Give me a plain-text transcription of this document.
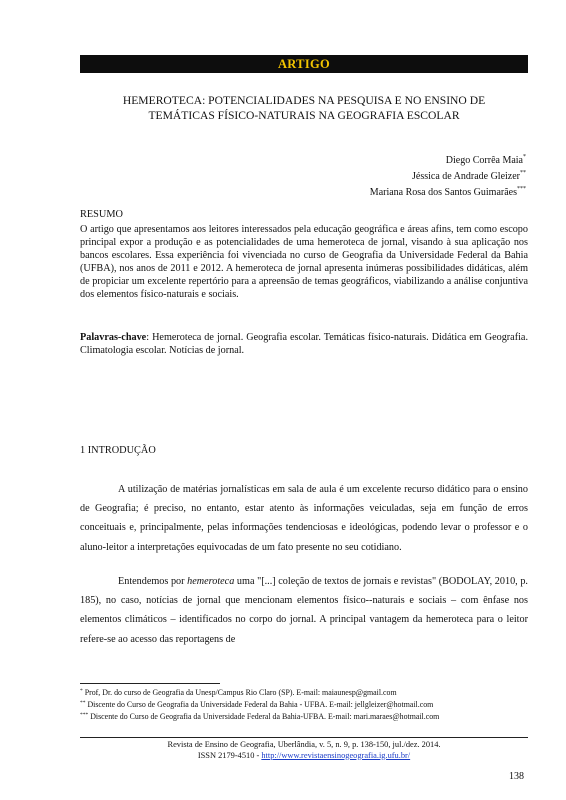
ARTIGO
HEMEROTECA: POTENCIALIDADES NA PESQUISA E NO ENSINO DE
TEMÁTICAS FÍSICO-NATURAIS NA GEOGRAFIA ESCOLAR
Diego Corrêa Maia*
Jéssica de Andrade Gleizer**
Mariana Rosa dos Santos Guimarães***
RESUMO

O artigo que apresentamos aos leitores interessados pela educação geográfica e áreas afins, tem como escopo principal expor a produção e as potencialidades de uma hemeroteca de jornal, visando à sua aplicação nos bancos escolares. Essa experiência foi vivenciada no curso de Geografia da Universidade Federal da Bahia (UFBA), nos anos de 2011 e 2012. A hemeroteca de jornal apresenta inúmeras possibilidades didáticas, além de propiciar um excelente repertório para a apreensão de temas geográficos, viabilizando a análise conjuntiva dos elementos físico-naturais e sociais.

Palavras-chave: Hemeroteca de jornal. Geografia escolar. Temáticas físico-naturais. Didática em Geografia. Climatologia escolar. Notícias de jornal.

1 INTRODUÇÃO

A utilização de matérias jornalísticas em sala de aula é um excelente recurso didático para o ensino de Geografia; é preciso, no entanto, estar atento às informações veiculadas, seja em função de erros conceituais e, principalmente, pelas informações tendenciosas e ideológicas, podendo levar o professor e o aluno-leitor a interpretações equivocadas de um fato presente no seu cotidiano.

Entendemos por hemeroteca uma "[...] coleção de textos de jornais e revistas" (BODOLAY, 2010, p. 185), no caso, notícias de jornal que mencionam elementos físico--naturais e sociais – com ênfase nos elementos climáticos – identificados no corpo do jornal. A principal vantagem da hemeroteca para o leitor refere-se ao acesso das reportagens de

* Prof, Dr. do curso de Geografia da Unesp/Campus Rio Claro (SP). E-mail: maiaunesp@gmail.com
** Discente do Curso de Geografia da Universidade Federal da Bahia - UFBA. E-mail: jellgleizer@hotmail.com
*** Discente do Curso de Geografia da Universidade Federal da Bahia-UFBA. E-mail: mari.maraes@hotmail.com
Revista de Ensino de Geografia, Uberlândia, v. 5, n. 9, p. 138-150, jul./dez. 2014.
ISSN 2179-4510 - http://www.revistaensinogeografia.ig.ufu.br/
138
